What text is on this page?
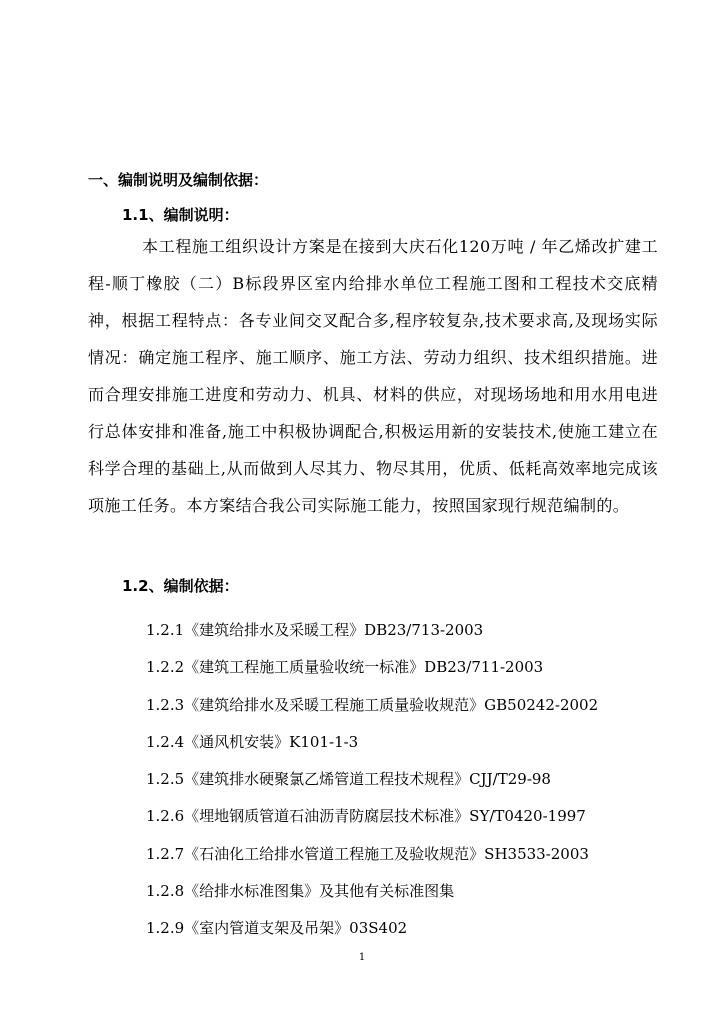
一、编制说明及编制依据：
1.1、编制说明：

本工程施工组织设计方案是在接到大庆石化120万吨 / 年乙烯改扩建工程-顺丁橡胶（二）B标段界区室内给排水单位工程施工图和工程技术交底精神，根据工程特点：各专业间交叉配合多,程序较复杂,技术要求高,及现场实际情况：确定施工程序、施工顺序、施工方法、劳动力组织、技术组织措施。进而合理安排施工进度和劳动力、机具、材料的供应，对现场场地和用水用电进行总体安排和准备,施工中积极协调配合,积极运用新的安装技术,使施工建立在科学合理的基础上,从而做到人尽其力、物尽其用，优质、低耗高效率地完成该项施工任务。本方案结合我公司实际施工能力，按照国家现行规范编制的。

1.2、编制依据：
1.2.1《建筑给排水及采暖工程》DB23/713-2003
1.2.2《建筑工程施工质量验收统一标准》DB23/711-2003
1.2.3《建筑给排水及采暖工程施工质量验收规范》GB50242-2002
1.2.4《通风机安装》K101-1-3
1.2.5《建筑排水硬聚氯乙烯管道工程技术规程》CJJ/T29-98
1.2.6《埋地钢质管道石油沥青防腐层技术标准》SY/T0420-1997
1.2.7《石油化工给排水管道工程施工及验收规范》SH3533-2003
1.2.8《给排水标准图集》及其他有关标准图集
1.2.9《室内管道支架及吊架》03S402
1
